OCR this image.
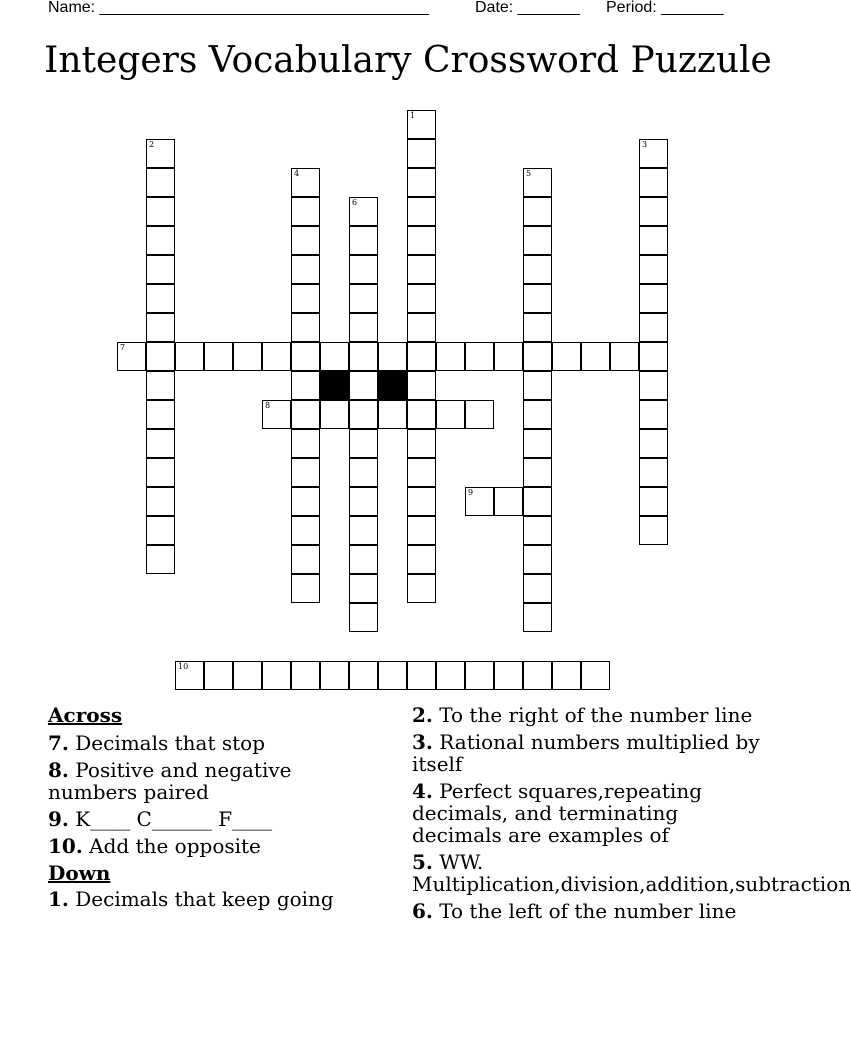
Name: _____________________________________	Date: _______ Period: _______
Integers Vocabulary Crossword Puzzule
1
2	3
4	5
6
7
8
9
10
Across
7. Decimals that stop
8. Positive and negative numbers paired
9. K____ C______ F____
10. Add the opposite
Down
1. Decimals that keep going
2. To the right of the number line
3. Rational numbers multiplied by itself
4. Perfect squares,repeating decimals, and terminating decimals are examples of
5. WW. Multiplication,division,addition,subtraction
6. To the left of the number line
